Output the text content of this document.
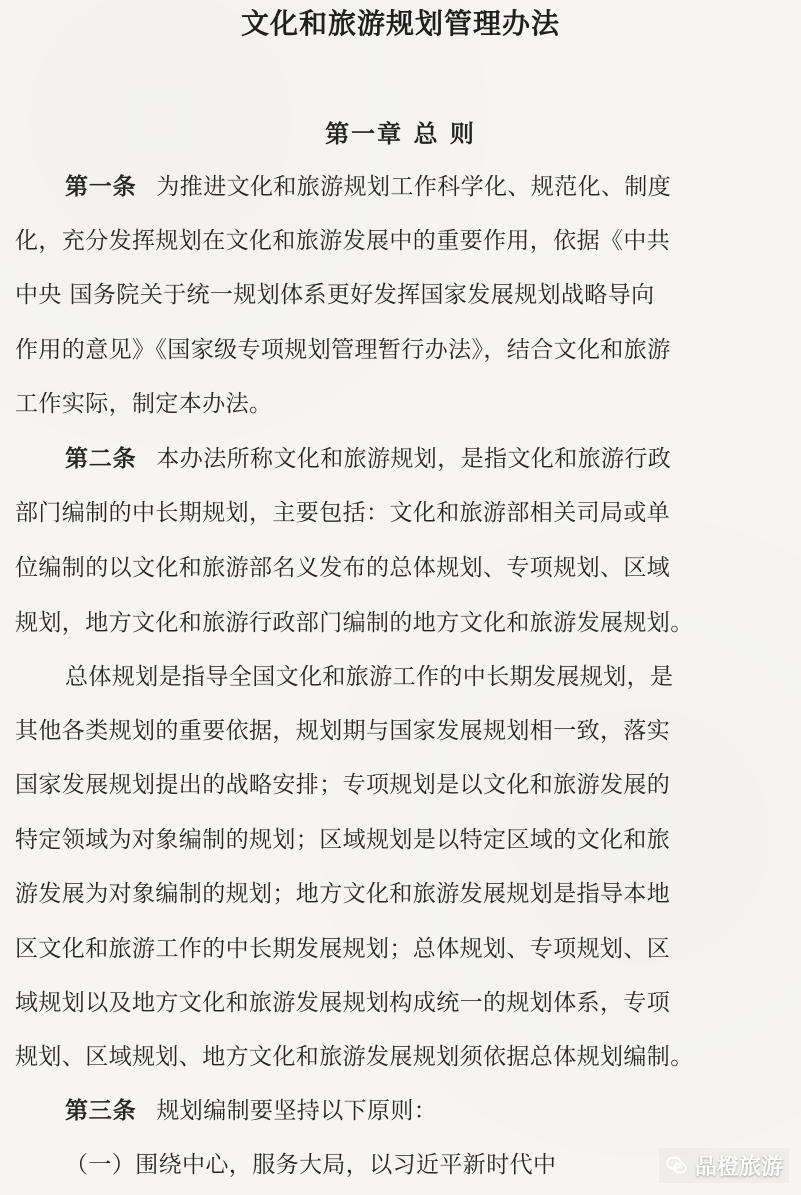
文化和旅游规划管理办法
第一章 总 则
第一条 为推进文化和旅游规划工作科学化、规范化、制度
化，充分发挥规划在文化和旅游发展中的重要作用，依据《中共
中央 国务院关于统一规划体系更好发挥国家发展规划战略导向
作用的意见》《国家级专项规划管理暂行办法》，结合文化和旅游
工作实际，制定本办法。
第二条 本办法所称文化和旅游规划，是指文化和旅游行政
部门编制的中长期规划，主要包括：文化和旅游部相关司局或单
位编制的以文化和旅游部名义发布的总体规划、专项规划、区域
规划，地方文化和旅游行政部门编制的地方文化和旅游发展规划。
总体规划是指导全国文化和旅游工作的中长期发展规划，是
其他各类规划的重要依据，规划期与国家发展规划相一致，落实
国家发展规划提出的战略安排；专项规划是以文化和旅游发展的
特定领域为对象编制的规划；区域规划是以特定区域的文化和旅
游发展为对象编制的规划；地方文化和旅游发展规划是指导本地
区文化和旅游工作的中长期发展规划；总体规划、专项规划、区
域规划以及地方文化和旅游发展规划构成统一的规划体系，专项
规划、区域规划、地方文化和旅游发展规划须依据总体规划编制。
第三条 规划编制要坚持以下原则：
（一）围绕中心，服务大局，以习近平新时代中	品橙旅游
